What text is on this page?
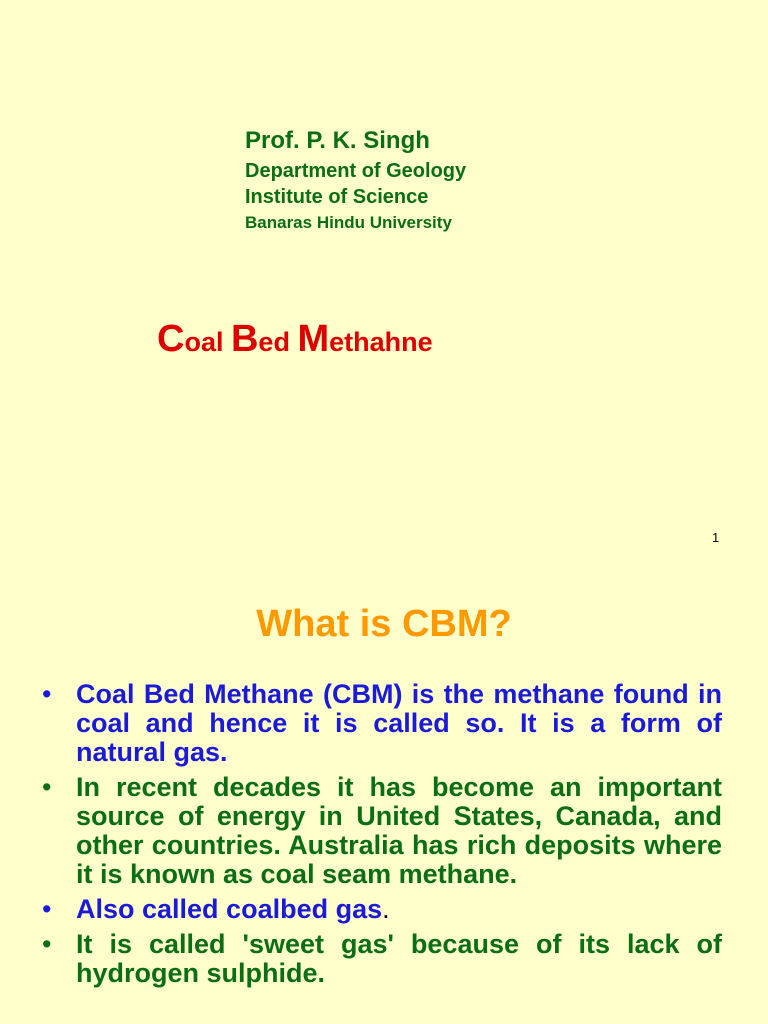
Prof. P. K. Singh
Department of Geology
Institute of Science
Banaras Hindu University
Coal Bed Methahne
1
What is CBM?
• Coal Bed Methane (CBM) is the methane found in coal and hence it is called so. It is a form of natural gas.
• In recent decades it has become an important source of energy in United States, Canada, and other countries. Australia has rich deposits where it is known as coal seam methane.
• Also called coalbed gas.
• It is called 'sweet gas' because of its lack of hydrogen sulphide.
